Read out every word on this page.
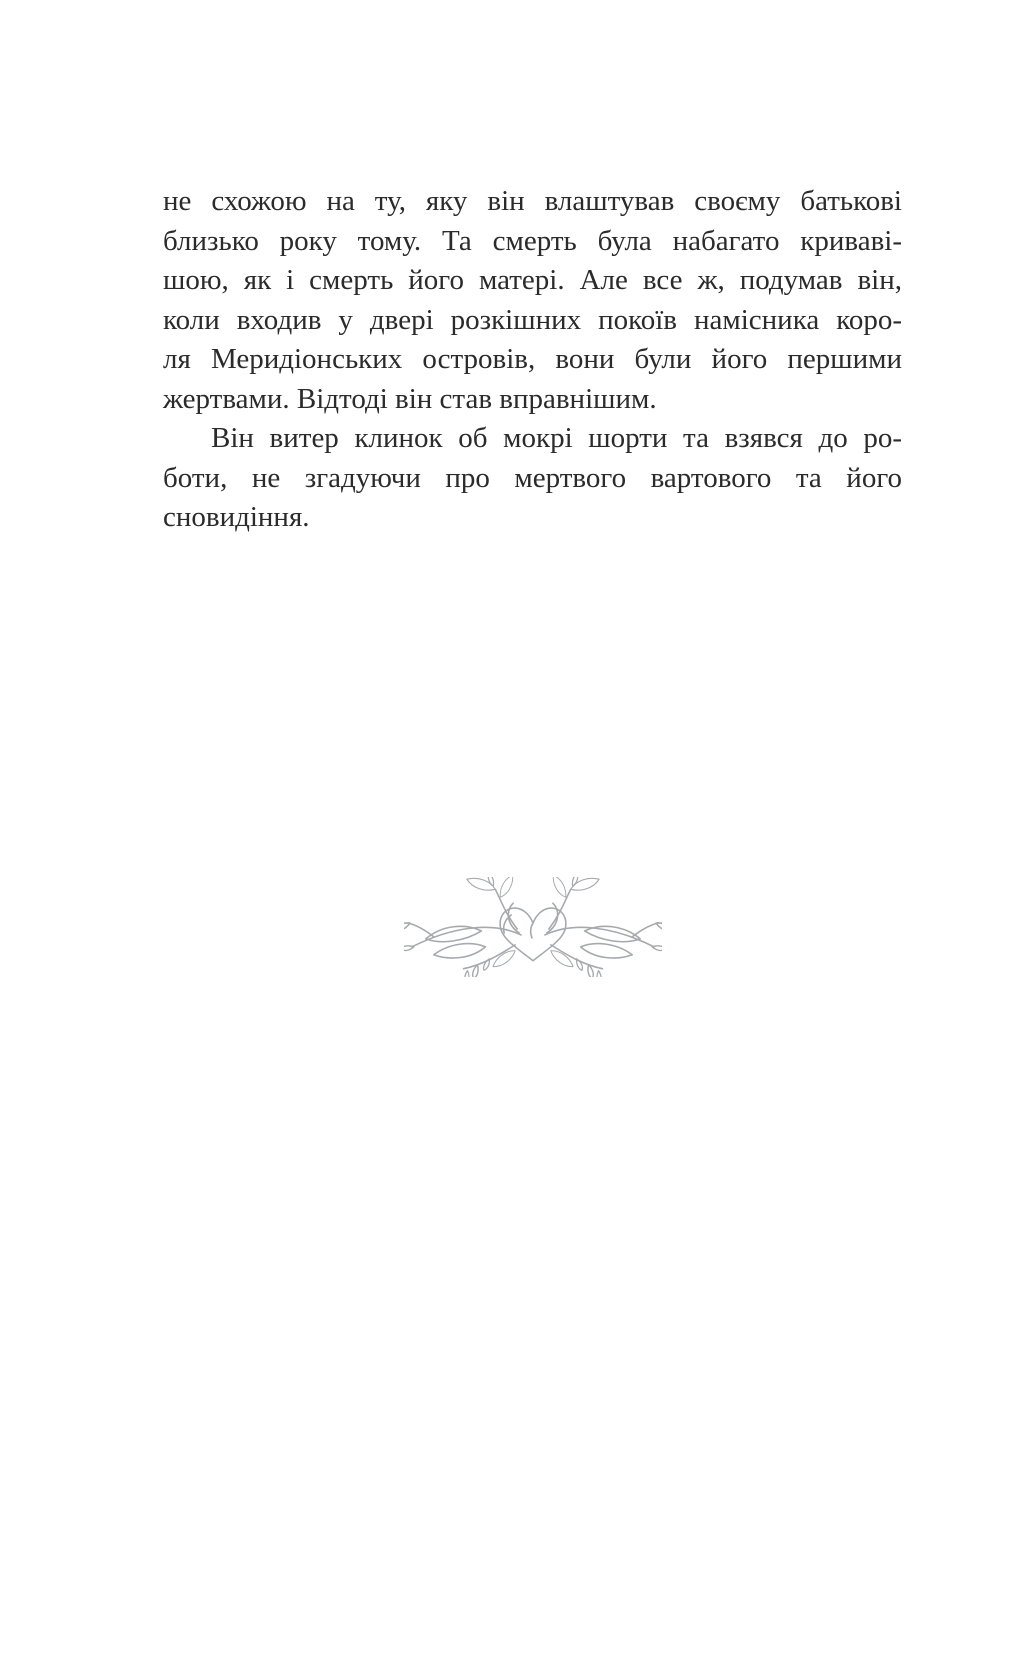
не схожою на ту, яку він влаштував своєму батькові
близько року тому. Та смерть була набагато криваві-
шою, як і смерть його матері. Але все ж, подумав він,
коли входив у двері розкішних покоїв намісника коро-
ля Меридіонських островів, вони були його першими
жертвами. Відтоді він став вправнішим.

Він витер клинок об мокрі шорти та взявся до ро-
боти, не згадуючи про мертвого вартового та його
сновидіння.
